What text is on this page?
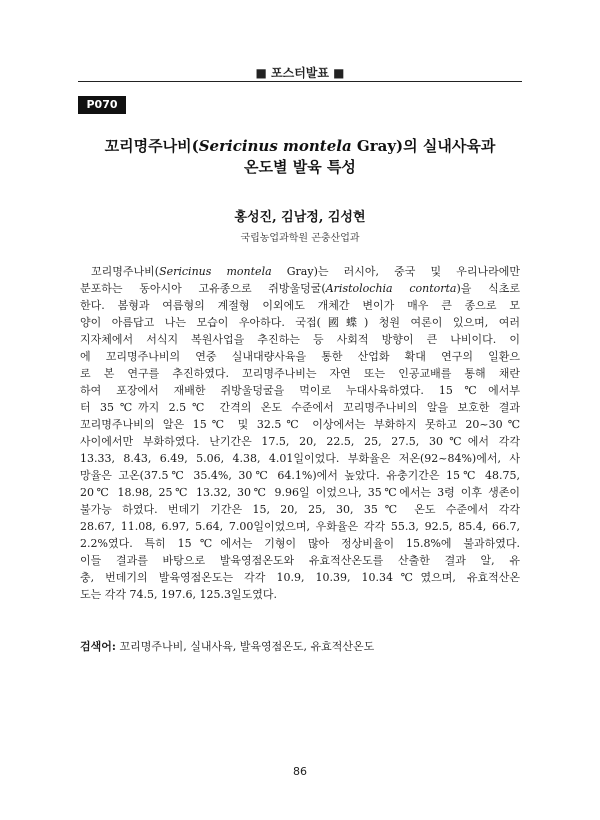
■ 포스터발표 ■
P070
꼬리명주나비(Sericinus montela Gray)의 실내사육과
온도별 발육 특성
홍성진, 김남정, 김성현
국립농업과학원 곤충산업과
 꼬리명주나비(Sericinus montela Gray)는 러시아, 중국 및 우리나라에만
분포하는 동아시아 고유종으로 쥐방울덩굴(Aristolochia contorta)을 식초로
한다. 봄형과 여름형의 계절형 이외에도 개체간 변이가 매우 큰 종으로 모
양이 아름답고 나는 모습이 우아하다. 국접(國蝶) 청원 여론이 있으며, 여러
지자체에서 서식지 복원사업을 추진하는 등 사회적 방향이 큰 나비이다. 이
에 꼬리명주나비의 연중 실내대량사육을 통한 산업화 확대 연구의 일환으
로 본 연구를 추진하였다. 꼬리명주나비는 자연 또는 인공교배를 통해 채란
하여 포장에서 재배한 쥐방울덩굴을 먹이로 누대사육하였다. 15℃에서부
터 35℃까지 2.5℃ 간격의 온도 수준에서 꼬리명주나비의 알을 보호한 결과
꼬리명주나비의 알은 15℃ 및 32.5℃ 이상에서는 부화하지 못하고 20~30℃
사이에서만 부화하였다. 난기간은 17.5, 20, 22.5, 25, 27.5, 30℃에서 각각
13.33, 8.43, 6.49, 5.06, 4.38, 4.01일이었다. 부화율은 저온(92~84%)에서, 사
망율은 고온(37.5℃ 35.4%, 30℃ 64.1%)에서 높았다. 유충기간은 15℃ 48.75,
20℃ 18.98, 25℃ 13.32, 30℃ 9.96일 이었으나, 35℃에서는 3령 이후 생존이
불가능 하였다. 번데기 기간은 15, 20, 25, 30, 35℃ 온도 수준에서 각각
28.67, 11.08, 6.97, 5.64, 7.00일이었으며, 우화율은 각각 55.3, 92.5, 85.4, 66.7,
2.2%였다. 특히 15℃에서는 기형이 많아 정상비율이 15.8%에 불과하였다.
이들 결과를 바탕으로 발육영점온도와 유효적산온도를 산출한 결과 알, 유
충, 번데기의 발육영점온도는 각각 10.9, 10.39, 10.34℃였으며, 유효적산온
도는 각각 74.5, 197.6, 125.3일도였다.
검색어: 꼬리명주나비, 실내사육, 발육영점온도, 유효적산온도
86
